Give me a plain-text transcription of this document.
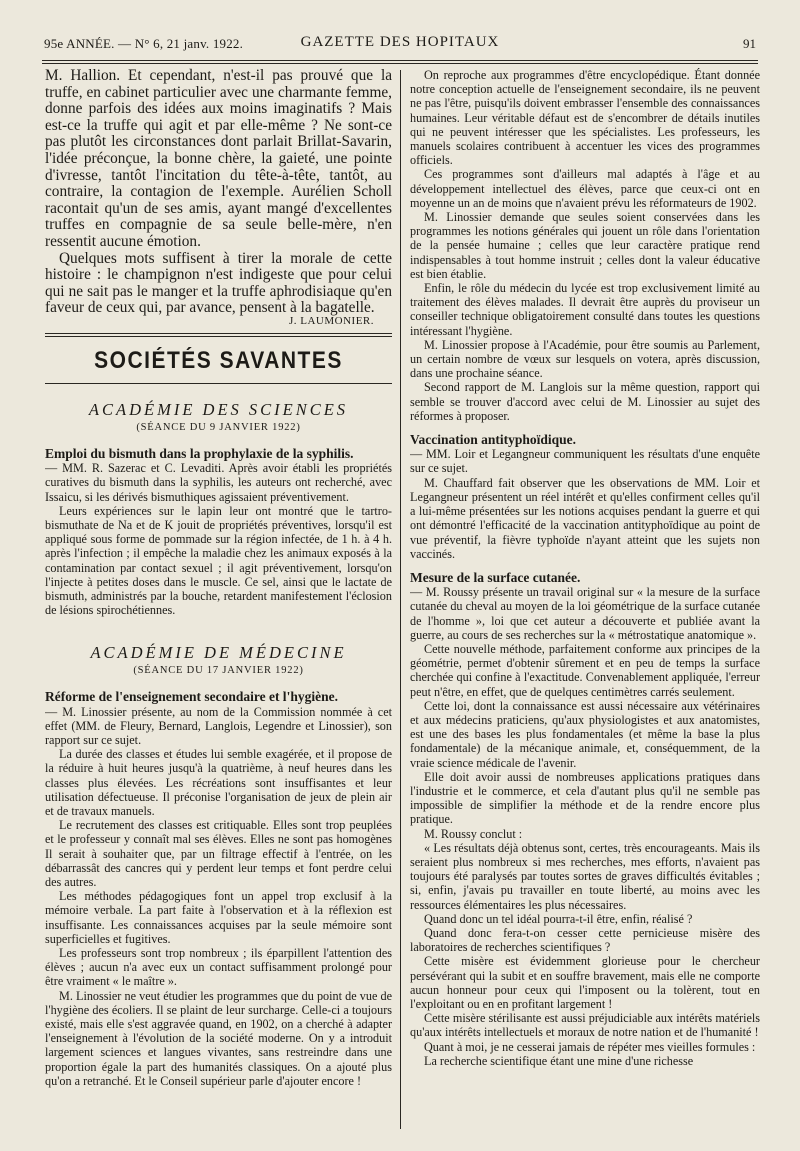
95e ANNÉE. — N° 6, 21 janv. 1922.	GAZETTE DES HOPITAUX	91

M. Hallion. Et cependant, n'est-il pas prouvé que la truffe, en cabinet particulier avec une charmante femme, donne parfois des idées aux moins imaginatifs ? Mais est-ce la truffe qui agit et par elle-même ? Ne sont-ce pas plutôt les circonstances dont parlait Brillat-Savarin, l'idée préconçue, la bonne chère, la gaieté, une pointe d'ivresse, tantôt l'incitation du tête-à-tête, tantôt, au contraire, la contagion de l'exemple. Aurélien Scholl racontait qu'un de ses amis, ayant mangé d'excellentes truffes en compagnie de sa seule belle-mère, n'en ressentit aucune émotion.

Quelques mots suffisent à tirer la morale de cette histoire : le champignon n'est indigeste que pour celui qui ne sait pas le manger et la truffe aphrodisiaque qu'en faveur de ceux qui, par avance, pensent à la bagatelle.

J. LAUMONIER.
SOCIÉTÉS SAVANTES
ACADÉMIE DES SCIENCES
(SÉANCE DU 9 JANVIER 1922)

Emploi du bismuth dans la prophylaxie de la syphilis.

— MM. R. Sazerac et C. Levaditi. Après avoir établi les propriétés curatives du bismuth dans la syphilis, les auteurs ont recherché, avec Issaicu, si les dérivés bismuthiques agissaient préventivement.

Leurs expériences sur le lapin leur ont montré que le tartro-bismuthate de Na et de K jouit de propriétés préventives, lorsqu'il est appliqué sous forme de pommade sur la région infectée, de 1 h. à 4 h. après l'infection ; il empêche la maladie chez les animaux exposés à la contamination par contact sexuel ; il agit préventivement, lorsqu'on l'injecte à petites doses dans le muscle. Ce sel, ainsi que le lactate de bismuth, administrés par la bouche, retardent manifestement l'éclosion de lésions spirochétiennes.

ACADÉMIE DE MÉDECINE
(SÉANCE DU 17 JANVIER 1922)

Réforme de l'enseignement secondaire et l'hygiène.

— M. Linossier présente, au nom de la Commission nommée à cet effet (MM. de Fleury, Bernard, Langlois, Legendre et Linossier), son rapport sur ce sujet.

La durée des classes et études lui semble exagérée, et il propose de la réduire à huit heures jusqu'à la quatrième, à neuf heures dans les classes plus élevées. Les récréations sont insuffisantes et leur utilisation défectueuse. Il préconise l'organisation de jeux de plein air et de travaux manuels.

Le recrutement des classes est critiquable. Elles sont trop peuplées et le professeur y connaît mal ses élèves. Elles ne sont pas homogènes Il serait à souhaiter que, par un filtrage effectif à l'entrée, on les débarrassât des cancres qui y perdent leur temps et font perdre celui des autres.

Les méthodes pédagogiques font un appel trop exclusif à la mémoire verbale. La part faite à l'observation et à la réflexion est insuffisante. Les connaissances acquises par la seule mémoire sont superficielles et fugitives.

Les professeurs sont trop nombreux ; ils éparpillent l'attention des élèves ; aucun n'a avec eux un contact suffisamment prolongé pour être vraiment « le maître ».

M. Linossier ne veut étudier les programmes que du point de vue de l'hygiène des écoliers. Il se plaint de leur surcharge. Celle-ci a toujours existé, mais elle s'est aggravée quand, en 1902, on a cherché à adapter l'enseignement à l'évolution de la société moderne. On y a introduit largement sciences et langues vivantes, sans restreindre dans une proportion égale la part des humanités classiques. On a ajouté plus qu'on a retranché. Et le Conseil supérieur parle d'ajouter encore !

On reproche aux programmes d'être encyclopédique. Étant donnée notre conception actuelle de l'enseignement secondaire, ils ne peuvent ne pas l'être, puisqu'ils doivent embrasser l'ensemble des connaissances humaines. Leur véritable défaut est de s'encombrer de détails inutiles qui ne peuvent intéresser que les spécialistes. Les professeurs, les manuels scolaires contribuent à accentuer les vices des programmes officiels.

Ces programmes sont d'ailleurs mal adaptés à l'âge et au développement intellectuel des élèves, parce que ceux-ci ont en moyenne un an de moins que n'avaient prévu les réformateurs de 1902.

M. Linossier demande que seules soient conservées dans les programmes les notions générales qui jouent un rôle dans l'orientation de la pensée humaine ; celles que leur caractère pratique rend indispensables à tout homme instruit ; celles dont la valeur éducative est bien établie.

Enfin, le rôle du médecin du lycée est trop exclusivement limité au traitement des élèves malades. Il devrait être auprès du proviseur un conseiller technique obligatoirement consulté dans toutes les questions intéressant l'hygiène.

M. Linossier propose à l'Académie, pour être soumis au Parlement, un certain nombre de vœux sur lesquels on votera, après discussion, dans une prochaine séance.

Second rapport de M. Langlois sur la même question, rapport qui semble se trouver d'accord avec celui de M. Linossier au sujet des réformes à proposer.

Vaccination antityphoïdique.

— MM. Loir et Legangneur communiquent les résultats d'une enquête sur ce sujet.

M. Chauffard fait observer que les observations de MM. Loir et Legangneur présentent un réel intérêt et qu'elles confirment celles qu'il a lui-même présentées sur les notions acquises pendant la guerre et qui ont démontré l'efficacité de la vaccination antityphoïdique au point de vue préventif, la fièvre typhoïde n'ayant atteint que les sujets non vaccinés.

Mesure de la surface cutanée.

— M. Roussy présente un travail original sur « la mesure de la surface cutanée du cheval au moyen de la loi géométrique de la surface cutanée de l'homme », loi que cet auteur a découverte et publiée avant la guerre, au cours de ses recherches sur la « métrostatique anatomique ».

Cette nouvelle méthode, parfaitement conforme aux principes de la géométrie, permet d'obtenir sûrement et en peu de temps la surface cherchée qui confine à l'exactitude. Convenablement appliquée, l'erreur peut n'être, en effet, que de quelques centimètres carrés seulement.

Cette loi, dont la connaissance est aussi nécessaire aux vétérinaires et aux médecins praticiens, qu'aux physiologistes et aux anatomistes, est une des bases les plus fondamentales (et même la base la plus fondamentale) de la mécanique animale, et, conséquemment, de la vraie science médicale de l'avenir.

Elle doit avoir aussi de nombreuses applications pratiques dans l'industrie et le commerce, et cela d'autant plus qu'il ne semble pas impossible de simplifier la méthode et de la rendre encore plus pratique.

M. Roussy conclut :

« Les résultats déjà obtenus sont, certes, très encourageants. Mais ils seraient plus nombreux si mes recherches, mes efforts, n'avaient pas toujours été paralysés par toutes sortes de graves difficultés évitables ; si, enfin, j'avais pu travailler en toute liberté, au moins avec les ressources élémentaires les plus nécessaires.

Quand donc un tel idéal pourra-t-il être, enfin, réalisé ?

Quand donc fera-t-on cesser cette pernicieuse misère des laboratoires de recherches scientifiques ?

Cette misère est évidemment glorieuse pour le chercheur persévérant qui la subit et en souffre bravement, mais elle ne comporte aucun honneur pour ceux qui l'imposent ou la tolèrent, tout en l'exploitant ou en en profitant largement !

Cette misère stérilisante est aussi préjudiciable aux intérêts matériels qu'aux intérêts intellectuels et moraux de notre nation et de l'humanité !

Quant à moi, je ne cesserai jamais de répéter mes vieilles formules :

La recherche scientifique étant une mine d'une richesse
